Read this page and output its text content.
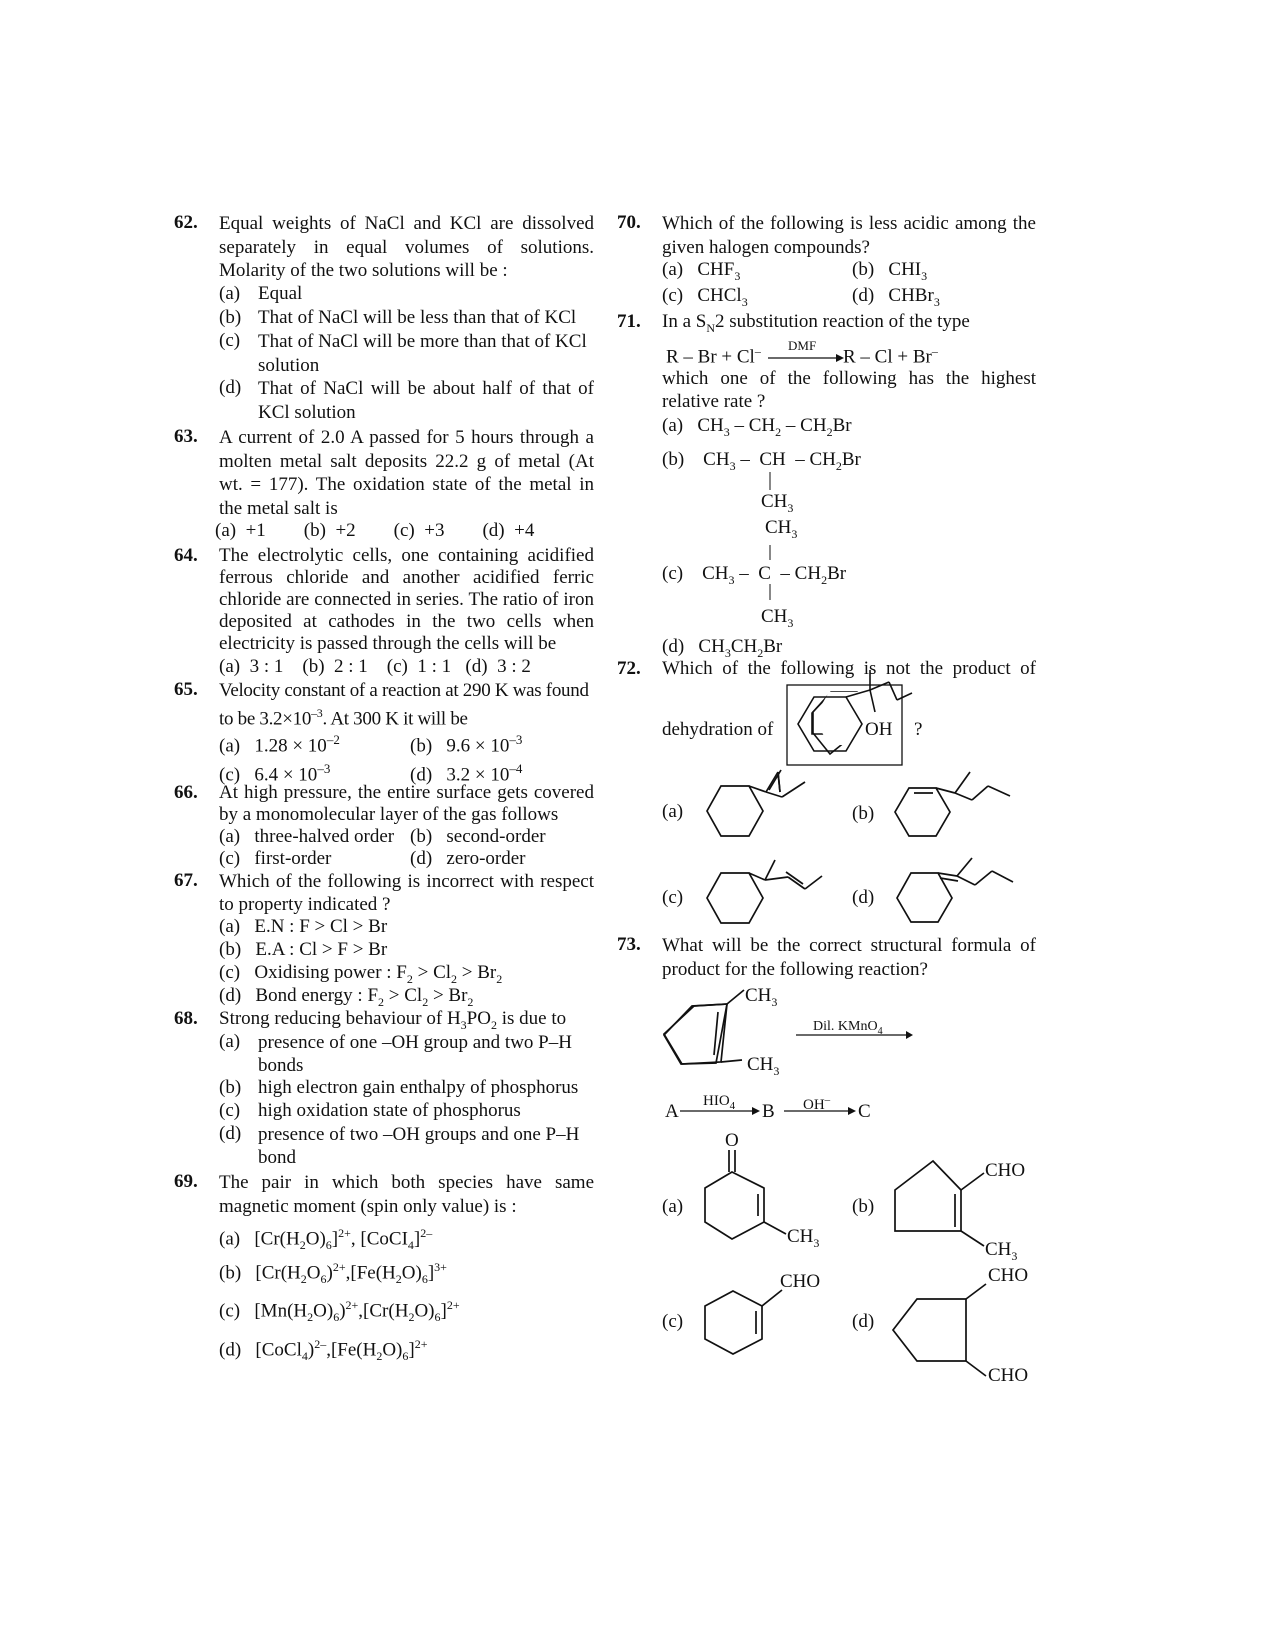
62. Equal weights of NaCl and KCl are dissolved separately in equal volumes of solutions. Molarity of the two solutions will be :
(a) Equal
(b) That of NaCl will be less than that of KCl
(c) That of NaCl will be more than that of KCl solution
(d) That of NaCl will be about half of that of KCl solution
63. A current of 2.0 A passed for 5 hours through a molten metal salt deposits 22.2 g of metal (At wt. = 177). The oxidation state of the metal in the metal salt is
(a)  +1        (b)  +2        (c)  +3        (d)  +4
64. The electrolytic cells, one containing acidified ferrous chloride and another acidified ferric chloride are connected in series. The ratio of iron deposited at cathodes in the two cells when electricity is passed through the cells will be
(a)  3 : 1    (b)  2 : 1    (c)  1 : 1   (d)  3 : 2
65. Velocity constant of a reaction at 290 K was found to be $3.2\times 10^{-3}$. At 300 K it will be
(a) $1.28 \times 10^{-2}$	(b) $9.6 \times 10^{-3}$
(c) $6.4 \times 10^{-3}$	(d) $3.2 \times 10^{-4}$
66. At high pressure, the entire surface gets covered by a monomolecular layer of the gas follows
(a) three-halved order (b) second-order
(c) first-order	(d) zero-order
67. Which of the following is incorrect with respect to property indicated ?
(a) E.N : F > Cl > Br
(b) E.A : Cl > F > Br
(c) Oxidising power : $F_2 > Cl_2 > Br_2$
(d) Bond energy : $F_2 > Cl_2 > Br_2$
68. Strong reducing behaviour of $H_3PO_2$ is due to
(a) presence of one –OH group and two P–H bonds
(b) high electron gain enthalpy of phosphorus
(c) high oxidation state of phosphorus
(d) presence of two –OH groups and one P–H bond
69. The pair in which both species have same magnetic moment (spin only value) is :
(a)   $[Cr(H_2O)_6]^{2+}$, [CoCI$_4$]$^{2-}$
(b)   [$Cr(H_2O_6)^{2+},[Fe(H_2O)_6]^{3+}$
(c)   $[Mn(H_2O)_6)^{2+},[Cr(H_2O)_6]^{2+}$
(d)   $[CoCl_4)^{2-},[Fe(H_2O)_6]^{2+}$
70. Which of the following is less acidic among the given halogen compounds?
(a) $CHF_3$	(b) $CHI_3$
(c) CHCl$_3$	(d) CHBr$_3$
71. In a $S_N2$ substitution reaction of the type
R – Br + Cl– DMF
R – Cl + Br–
which one of the following has the highest relative rate ?
(a)   $CH_3 - CH_2 - CH_2Br$
(b)    $CH_3$ –  CH  – $CH_2Br$
$CH_3$
$CH_3$
(c)    $CH_3$ –  C  – $CH_2Br$
$CH_3$
(d)   $CH_3CH_2Br$
72. Which of the following is not the product of
dehydration of	OH ?
(a)	(b)
(c)	(d)
73. What will be the correct structural formula of product for the following reaction?
$CH_3$
$CH_3$
Dil. KMnO$_4$
A $HIO_4$ B OH–
C
(a)	(b)
(c)	(d)
O
$CH_3$
CHO
$CH_3$
CHO	CHO
CHO
